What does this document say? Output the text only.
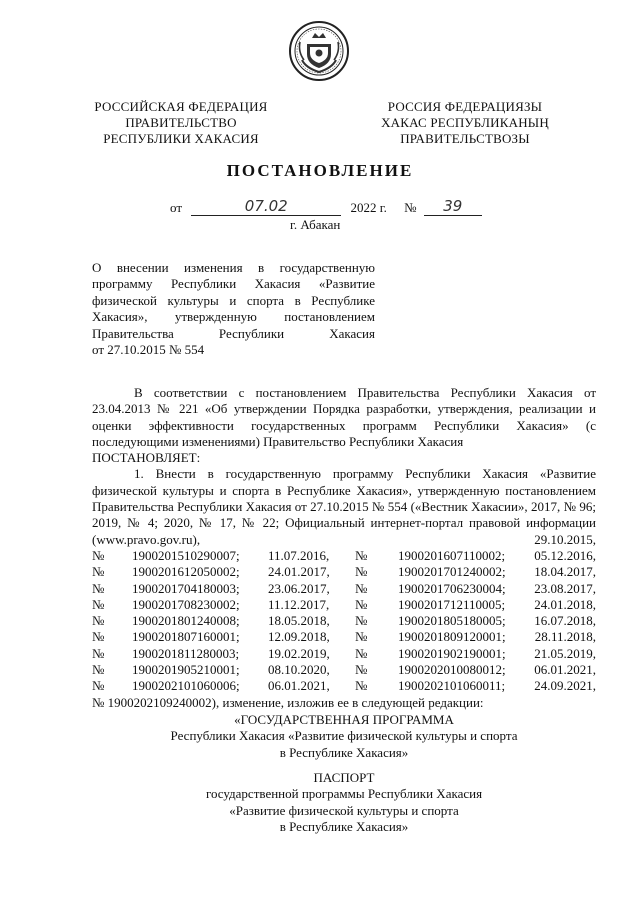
РОССИЙСКАЯ ФЕДЕРАЦИЯ
ПРАВИТЕЛЬСТВО
РЕСПУБЛИКИ ХАКАСИЯ
РОССИЯ ФЕДЕРАЦИЯЗЫ
ХАКАС РЕСПУБЛИКАНЫҢ
ПРАВИТЕЛЬСТВОЗЫ
ПОСТАНОВЛЕНИЕ
от	07.02	2022 г. № 39
г. Абакан

О внесении изменения в государственную

программу Республики Хакасия «Развитие

физической культуры и спорта в Республике

Хакасия», утвержденную постановлением

Правительства Республики Хакасия

от 27.10.2015 № 554

В соответствии с постановлением Правительства Республики Хакасия от 23.04.2013 № 221 «Об утверждении Порядка разработки, утверждения, реализации и оценки эффективности государственных программ Республики Хакасия» (с последующими изменениями) Правительство Республики Хакасия

ПОСТАНОВЛЯЕТ:

1. Внести в государственную программу Республики Хакасия «Развитие физической культуры и спорта в Республике Хакасия», утвержденную постановлением Правительства Республики Хакасия от 27.10.2015 № 554 («Вестник Хакасии», 2017, № 96; 2019, № 4; 2020, № 17, № 22; Официальный интернет-портал правовой информации (www.pravo.gov.ru), 29.10.2015,

№ 1900201510290007; 11.07.2016, № 1900201607110002; 05.12.2016,
№ 1900201612050002; 24.01.2017, № 1900201701240002; 18.04.2017,
№ 1900201704180003; 23.06.2017, № 1900201706230004; 23.08.2017,
№ 1900201708230002; 11.12.2017, № 1900201712110005; 24.01.2018,
№ 1900201801240008; 18.05.2018, № 1900201805180005; 16.07.2018,
№ 1900201807160001; 12.09.2018, № 1900201809120001; 28.11.2018,
№ 1900201811280003; 19.02.2019, № 1900201902190001; 21.05.2019,
№ 1900201905210001; 08.10.2020, № 1900202010080012; 06.01.2021,
№ 1900202101060006; 06.01.2021, № 1900202101060011; 24.09.2021,

№ 1900202109240002), изменение, изложив ее в следующей редакции:

«ГОСУДАРСТВЕННАЯ ПРОГРАММА
Республики Хакасия «Развитие физической культуры и спорта
в Республике Хакасия»
ПАСПОРТ
государственной программы Республики Хакасия
«Развитие физической культуры и спорта
в Республике Хакасия»
